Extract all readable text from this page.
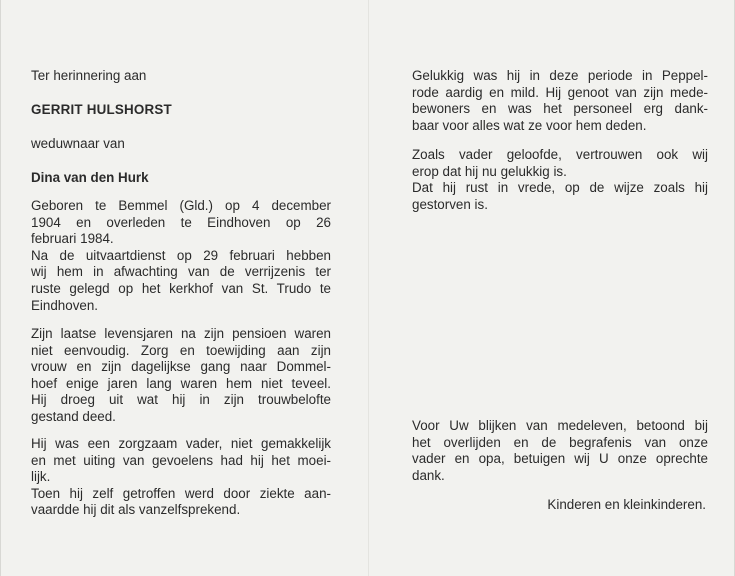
Ter herinnering aan
GERRIT HULSHORST
weduwnaar van
Dina van den Hurk
Geboren te Bemmel (Gld.) op 4 december
1904 en overleden te Eindhoven op 26
februari 1984.
Na de uitvaartdienst op 29 februari hebben
wij hem in afwachting van de verrijzenis ter
ruste gelegd op het kerkhof van St. Trudo te
Eindhoven.
Zijn laatse levensjaren na zijn pensioen waren
niet eenvoudig. Zorg en toewijding aan zijn
vrouw en zijn dagelijkse gang naar Dommel-
hoef enige jaren lang waren hem niet teveel.
Hij droeg uit wat hij in zijn trouwbelofte
gestand deed.
Hij was een zorgzaam vader, niet gemakkelijk
en met uiting van gevoelens had hij het moei-
lijk.
Toen hij zelf getroffen werd door ziekte aan-
vaardde hij dit als vanzelfsprekend.
Gelukkig was hij in deze periode in Peppel-
rode aardig en mild. Hij genoot van zijn mede-
bewoners en was het personeel erg dank-
baar voor alles wat ze voor hem deden.
Zoals vader geloofde, vertrouwen ook wij
erop dat hij nu gelukkig is.
Dat hij rust in vrede, op de wijze zoals hij
gestorven is.
Voor Uw blijken van medeleven, betoond bij
het overlijden en de begrafenis van onze
vader en opa, betuigen wij U onze oprechte
dank.
Kinderen en kleinkinderen.
